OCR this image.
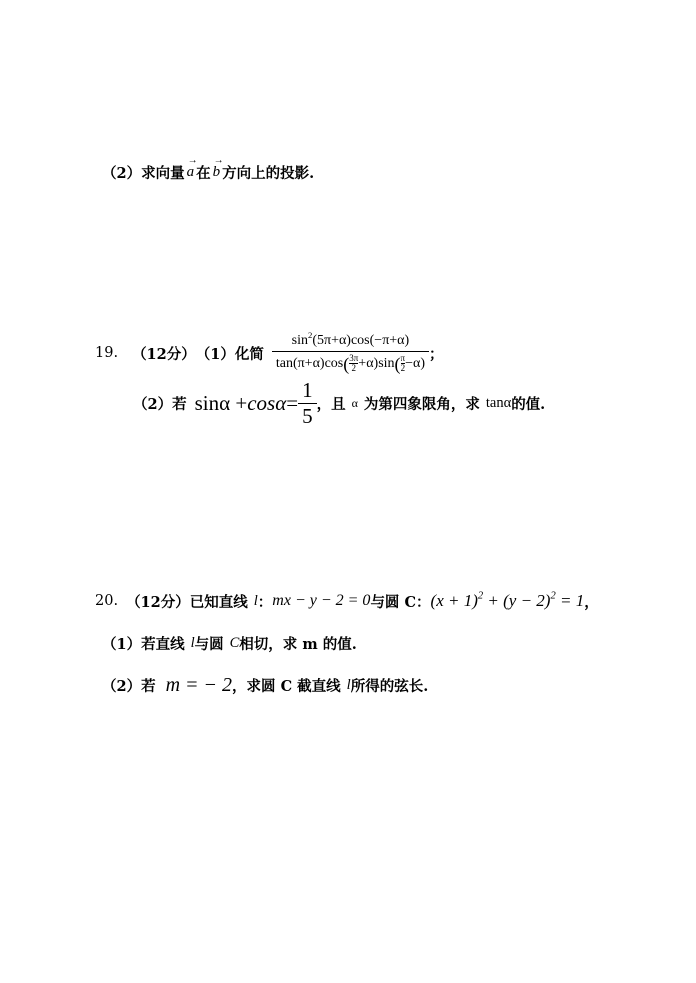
（2）求向量
→
a 在
→
b 方向上的投影.
19. （12分） （1）化简 $\sin^2(5\pi+\alpha)\cos(-\pi+\alpha)$
tan(π+α) cos ( 3π
2 +α) sin ( π
2 −α) ；
（2）若 $\sin\alpha + \cos\alpha = \frac{1}{5}$ ，且 α 为第四象限角，求 tanα 的值.
20. （12分） 已知直线 l ： mx − y − 2 = 0 与圆 C： $(x + 1)^2 + (y - 2)^2 = 1$ ，
（1）若直线 l 与圆 C 相切，求 m 的值.
（2）若 m = − 2 ，求圆 C 截直线 l 所得的弦长.
